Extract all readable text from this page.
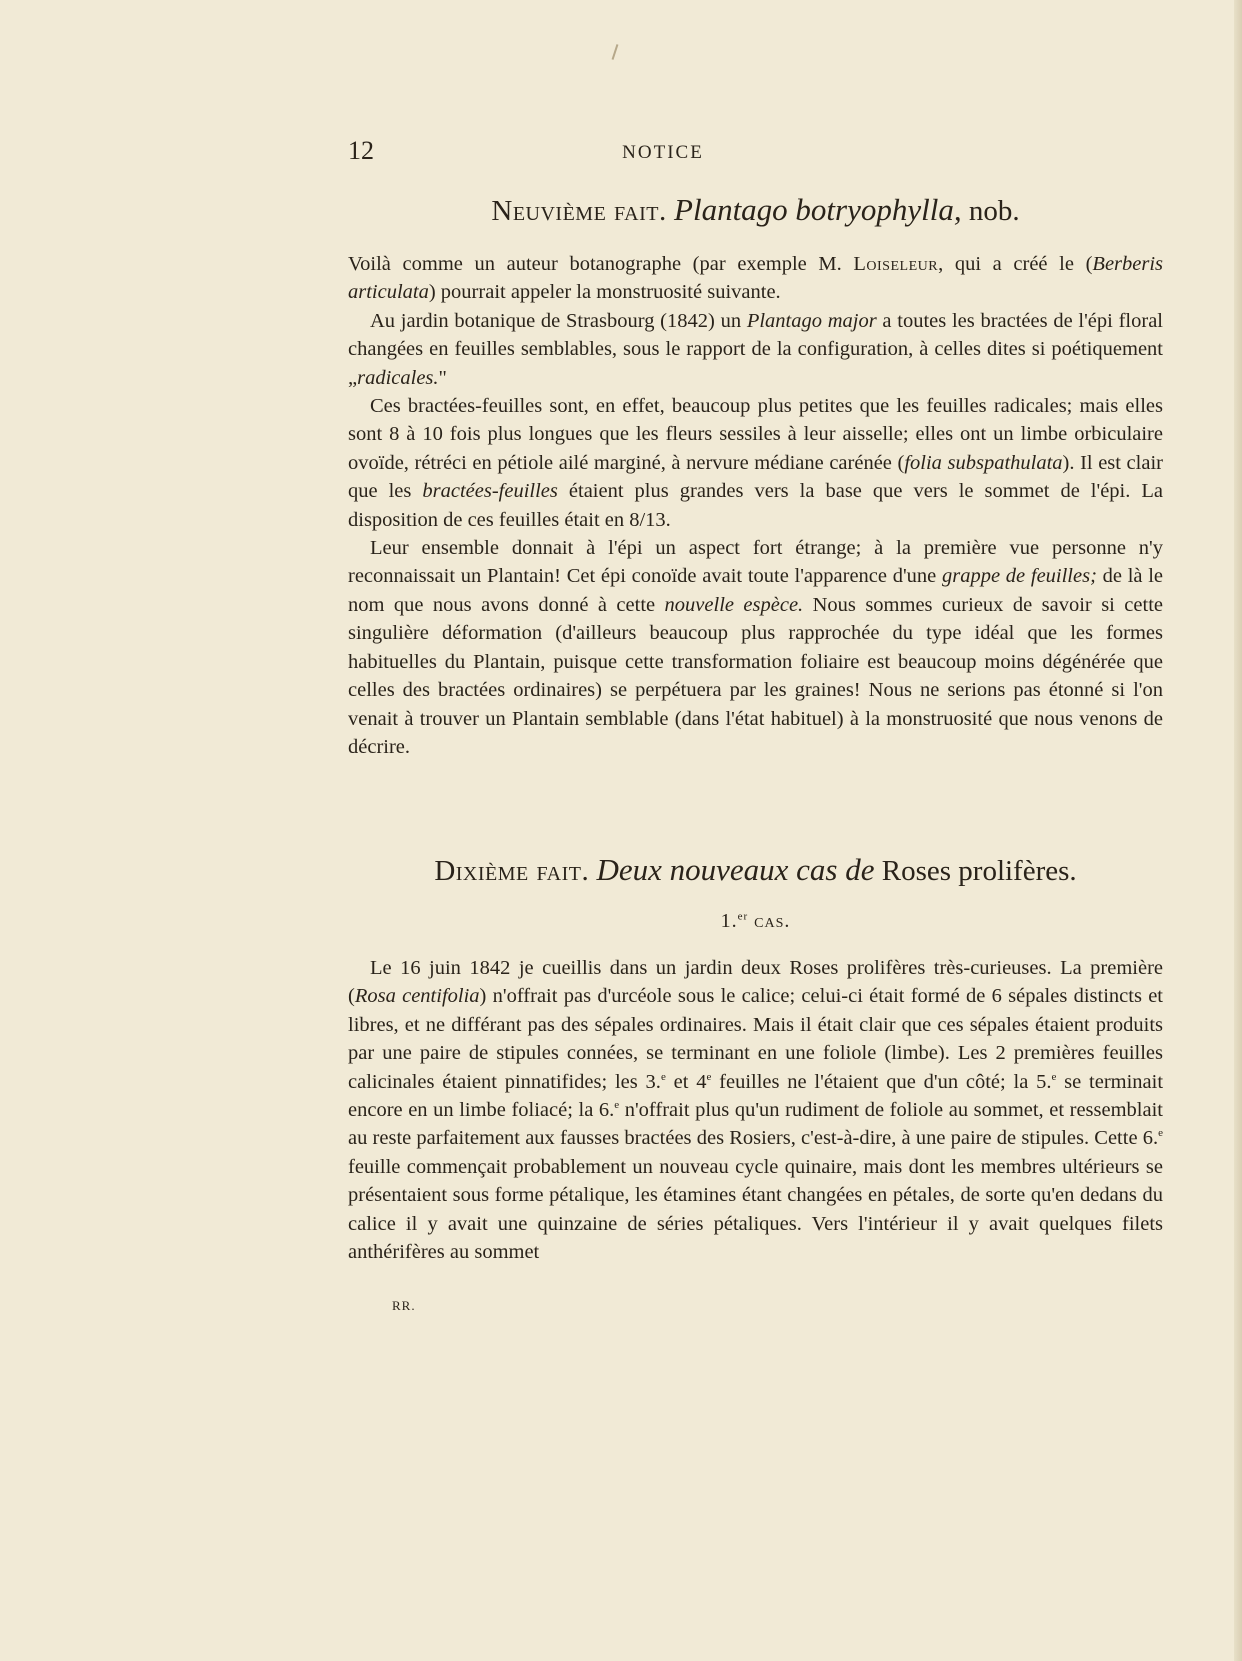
12	NOTICE
Neuvième fait. Plantago botryophylla, nob.

Voilà comme un auteur botanographe (par exemple M. Loiseleur, qui a créé le (Berberis articulata) pourrait appeler la monstruosité suivante.

Au jardin botanique de Strasbourg (1842) un Plantago major a toutes les bractées de l'épi floral changées en feuilles semblables, sous le rapport de la configuration, à celles dites si poétiquement „radicales."

Ces bractées-feuilles sont, en effet, beaucoup plus petites que les feuilles radicales; mais elles sont 8 à 10 fois plus longues que les fleurs sessiles à leur aisselle; elles ont un limbe orbiculaire ovoïde, rétréci en pétiole ailé marginé, à nervure médiane carénée (folia subspathulata). Il est clair que les bractées-feuilles étaient plus grandes vers la base que vers le sommet de l'épi. La disposition de ces feuilles était en 8/13.

Leur ensemble donnait à l'épi un aspect fort étrange; à la première vue personne n'y reconnaissait un Plantain! Cet épi conoïde avait toute l'apparence d'une grappe de feuilles; de là le nom que nous avons donné à cette nouvelle espèce. Nous sommes curieux de savoir si cette singulière déformation (d'ailleurs beaucoup plus rapprochée du type idéal que les formes habituelles du Plantain, puisque cette transformation foliaire est beaucoup moins dégénérée que celles des bractées ordinaires) se perpétuera par les graines! Nous ne serions pas étonné si l'on venait à trouver un Plantain semblable (dans l'état habituel) à la monstruosité que nous venons de décrire.

Dixième fait. Deux nouveaux cas de Roses prolifères.
1.$^{er}$ cas.

Le 16 juin 1842 je cueillis dans un jardin deux Roses prolifères très-curieuses. La première (Rosa centifolia) n'offrait pas d'urcéole sous le calice; celui-ci était formé de 6 sépales distincts et libres, et ne différant pas des sépales ordinaires. Mais il était clair que ces sépales étaient produits par une paire de stipules connées, se terminant en une foliole (limbe). Les 2 premières feuilles calicinales étaient pinnatifides; les 3.$^e$ et 4e feuilles ne l'étaient que d'un côté; la 5.$^e$ se terminait encore en un limbe foliacé; la 6.$^e$ n'offrait plus qu'un rudiment de foliole au sommet, et ressemblait au reste parfaitement aux fausses bractées des Rosiers, c'est-à-dire, à une paire de stipules. Cette 6.$^e$ feuille commençait probablement un nouveau cycle quinaire, mais dont les membres ultérieurs se présentaient sous forme pétalique, les étamines étant changées en pétales, de sorte qu'en dedans du calice il y avait une quinzaine de séries pétaliques. Vers l'intérieur il y avait quelques filets anthérifères au sommet

RR.
